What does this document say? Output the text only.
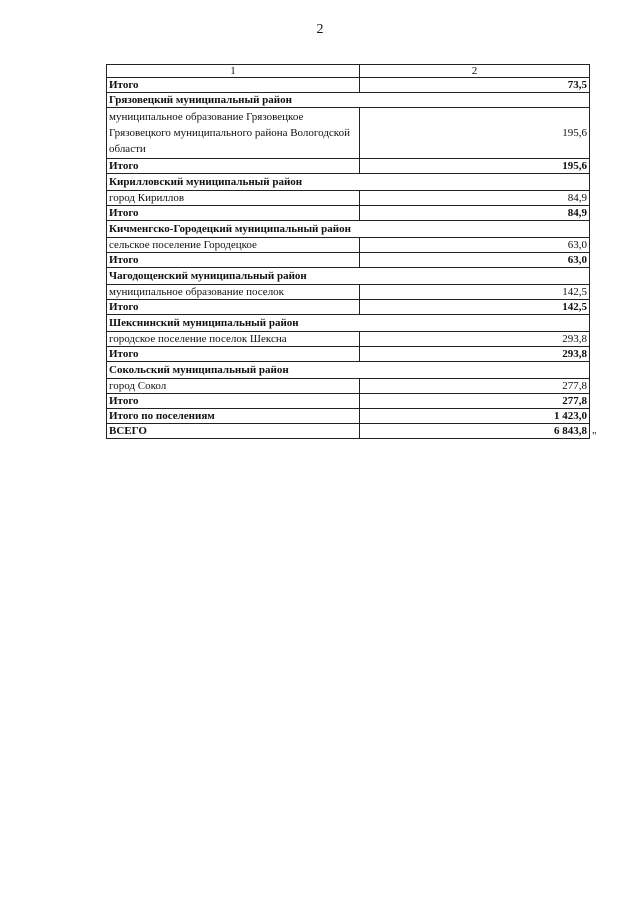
2
1	2
Итого	73,5
Грязовецкий муниципальный район	
муниципальное образование Грязовецкое Грязовецкого муниципального района Вологодской области	195,6
Итого	195,6
Кирилловский муниципальный район	
город Кириллов	84,9
Итого	84,9
Кичменгско-Городецкий муниципальный район	
сельское поселение Городецкое	63,0
Итого	63,0
Чагодощенский муниципальный район	
муниципальное образование поселок	142,5
Итого	142,5
Шекснинский муниципальный район	
городское поселение поселок Шексна	293,8
Итого	293,8
Сокольский муниципальный район	
город Сокол	277,8
Итого	277,8
Итого по поселениям	1 423,0
ВСЕГО	6 843,8 "
